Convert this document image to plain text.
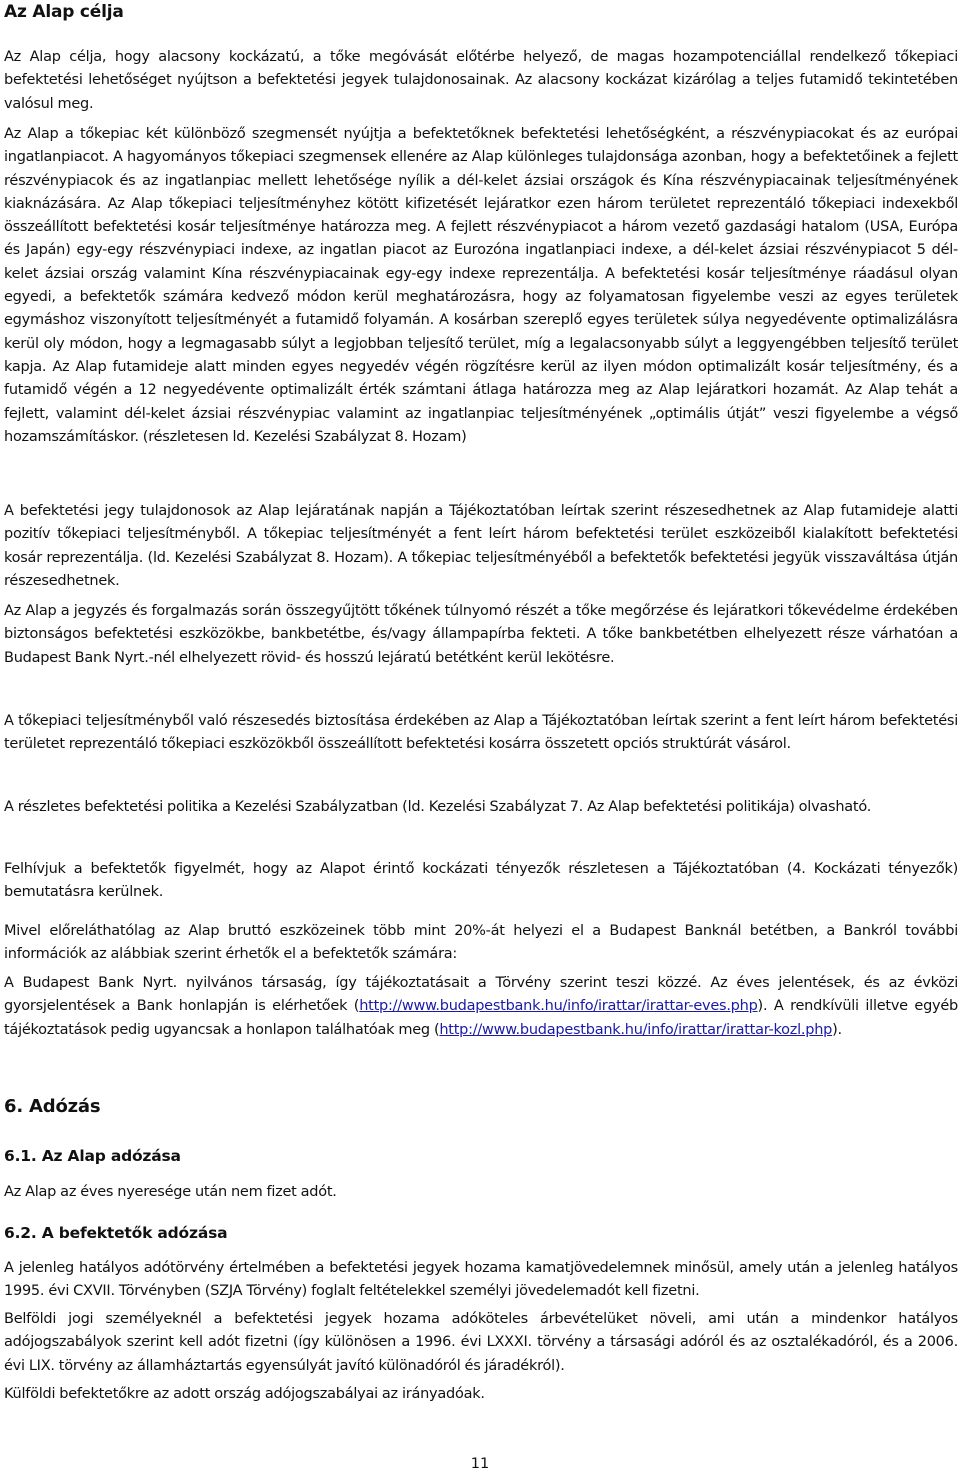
Az Alap célja

Az Alap célja, hogy alacsony kockázatú, a tőke megóvását előtérbe helyező, de magas hozampotenciállal rendelkező tőkepiaci befektetési lehetőséget nyújtson a befektetési jegyek tulajdonosainak. Az alacsony kockázat kizárólag a teljes futamidő tekintetében valósul meg.

Az Alap a tőkepiac két különböző szegmensét nyújtja a befektetőknek befektetési lehetőségként, a részvénypiacokat és az európai ingatlanpiacot. A hagyományos tőkepiaci szegmensek ellenére az Alap különleges tulajdonsága azonban, hogy a befektetőinek a fejlett részvénypiacok és az ingatlanpiac mellett lehetősége nyílik a dél-kelet ázsiai országok és Kína részvénypiacainak teljesítményének kiaknázására. Az Alap tőkepiaci teljesítményhez kötött kifizetését lejáratkor ezen három területet reprezentáló tőkepiaci indexekből összeállított befektetési kosár teljesítménye határozza meg. A fejlett részvénypiacot a három vezető gazdasági hatalom (USA, Európa és Japán) egy-egy részvénypiaci indexe, az ingatlan piacot az Eurozóna ingatlanpiaci indexe, a dél-kelet ázsiai részvénypiacot 5 dél-kelet ázsiai ország valamint Kína részvénypiacainak egy-egy indexe reprezentálja. A befektetési kosár teljesítménye ráadásul olyan egyedi, a befektetők számára kedvező módon kerül meghatározásra, hogy az folyamatosan figyelembe veszi az egyes területek egymáshoz viszonyított teljesítményét a futamidő folyamán. A kosárban szereplő egyes területek súlya negyedévente optimalizálásra kerül oly módon, hogy a legmagasabb súlyt a legjobban teljesítő terület, míg a legalacsonyabb súlyt a leggyengébben teljesítő terület kapja. Az Alap futamideje alatt minden egyes negyedév végén rögzítésre kerül az ilyen módon optimalizált kosár teljesítmény, és a futamidő végén a 12 negyedévente optimalizált érték számtani átlaga határozza meg az Alap lejáratkori hozamát. Az Alap tehát a fejlett, valamint dél-kelet ázsiai részvénypiac valamint az ingatlanpiac teljesítményének „optimális útját” veszi figyelembe a végső hozamszámításkor. (részletesen ld. Kezelési Szabályzat 8. Hozam)

A befektetési jegy tulajdonosok az Alap lejáratának napján a Tájékoztatóban leírtak szerint részesedhetnek az Alap futamideje alatti pozitív tőkepiaci teljesítményből. A tőkepiac teljesítményét a fent leírt három befektetési terület eszközeiből kialakított befektetési kosár reprezentálja. (ld. Kezelési Szabályzat 8. Hozam). A tőkepiac teljesítményéből a befektetők befektetési jegyük visszaváltása útján részesedhetnek.

Az Alap a jegyzés és forgalmazás során összegyűjtött tőkének túlnyomó részét a tőke megőrzése és lejáratkori tőkevédelme érdekében biztonságos befektetési eszközökbe, bankbetétbe, és/vagy állampapírba fekteti. A tőke bankbetétben elhelyezett része várhatóan a Budapest Bank Nyrt.-nél elhelyezett rövid- és hosszú lejáratú betétként kerül lekötésre.

A tőkepiaci teljesítményből való részesedés biztosítása érdekében az Alap a Tájékoztatóban leírtak szerint a fent leírt három befektetési területet reprezentáló tőkepiaci eszközökből összeállított befektetési kosárra összetett opciós struktúrát vásárol.

A részletes befektetési politika a Kezelési Szabályzatban (ld. Kezelési Szabályzat 7. Az Alap befektetési politikája) olvasható.

Felhívjuk a befektetők figyelmét, hogy az Alapot érintő kockázati tényezők részletesen a Tájékoztatóban (4. Kockázati tényezők) bemutatásra kerülnek.

Mivel előreláthatólag az Alap bruttó eszközeinek több mint 20%-át helyezi el a Budapest Banknál betétben, a Bankról további információk az alábbiak szerint érhetők el a befektetők számára:

A Budapest Bank Nyrt. nyilvános társaság, így tájékoztatásait a Törvény szerint teszi közzé. Az éves jelentések, és az évközi gyorsjelentések a Bank honlapján is elérhetőek (http://www.budapestbank.hu/info/irattar/irattar-eves.php). A rendkívüli illetve egyéb tájékoztatások pedig ugyancsak a honlapon találhatóak meg (http://www.budapestbank.hu/info/irattar/irattar-kozl.php).

6. Adózás
6.1. Az Alap adózása

Az Alap az éves nyeresége után nem fizet adót.

6.2. A befektetők adózása

A jelenleg hatályos adótörvény értelmében a befektetési jegyek hozama kamatjövedelemnek minősül, amely után a jelenleg hatályos 1995. évi CXVII. Törvényben (SZJA Törvény) foglalt feltételekkel személyi jövedelemadót kell fizetni.

Belföldi jogi személyeknél a befektetési jegyek hozama adóköteles árbevételüket növeli, ami után a mindenkor hatályos adójogszabályok szerint kell adót fizetni (így különösen a 1996. évi LXXXI. törvény a társasági adóról és az osztalékadóról, és a 2006. évi LIX. törvény az államháztartás egyensúlyát javító különadóról és járadékról).

Külföldi befektetőkre az adott ország adójogszabályai az irányadóak.

11
